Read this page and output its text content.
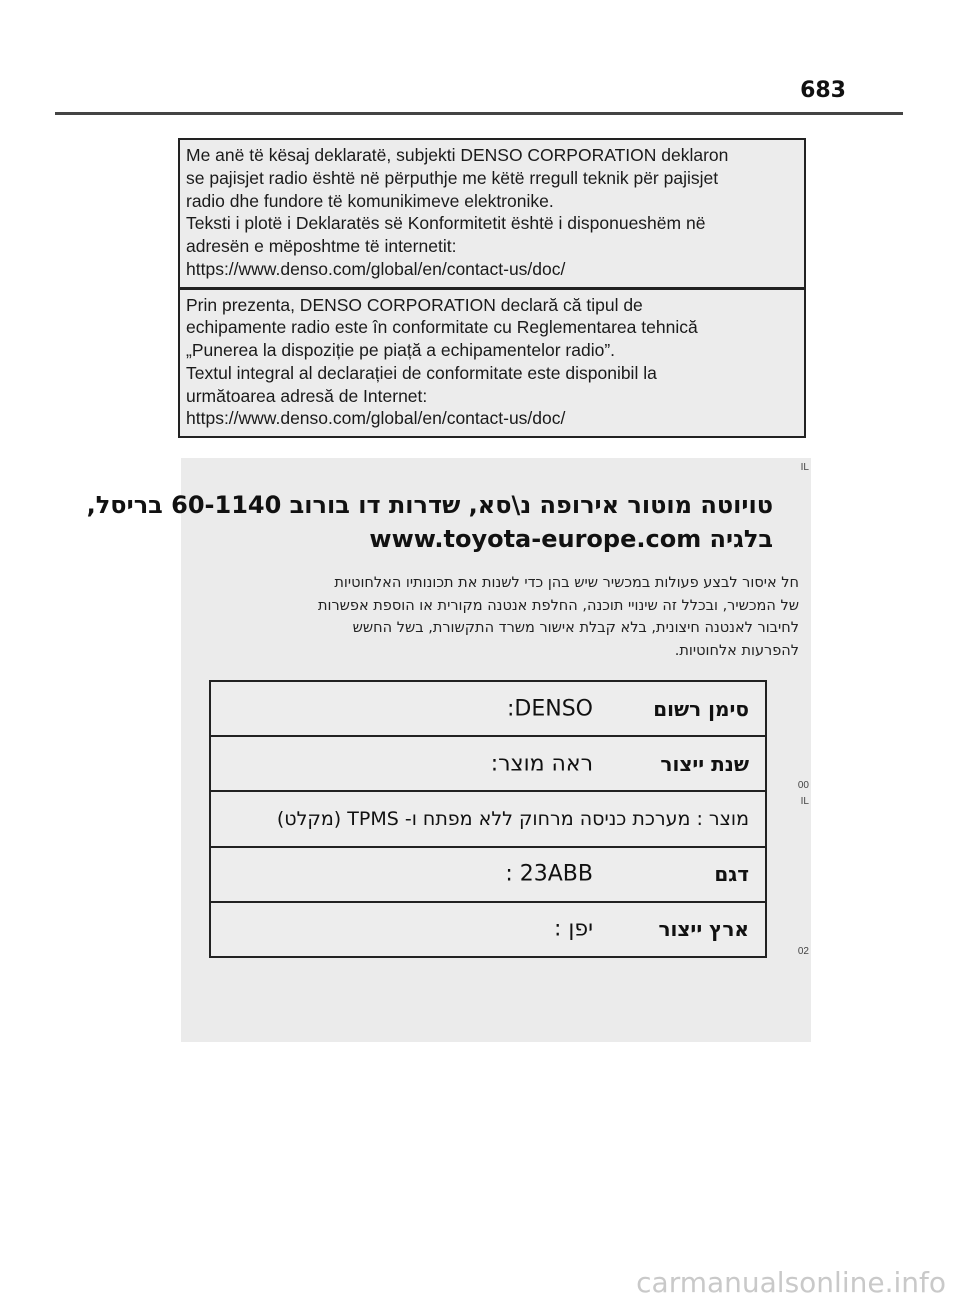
683
Me anë të kësaj deklaratë, subjekti DENSO CORPORATION deklaron
se pajisjet radio është në përputhje me këtë rregull teknik për pajisjet
radio dhe fundore të komunikimeve elektronike.
Teksti i plotë i Deklaratës së Konformitetit është i disponueshëm në
adresën e mëposhtme të internetit:
https://www.denso.com/global/en/contact-us/doc/
Prin prezenta, DENSO CORPORATION declară că tipul de
echipamente radio este în conformitate cu Reglementarea tehnică
„Punerea la dispoziție pe piață a echipamentelor radio”.
Textul integral al declarației de conformitate este disponibil la
următoarea adresă de Internet:
https://www.denso.com/global/en/contact-us/doc/
IL
00
IL
02
טויוטה מוטור אירופה נ\סא, שדרות דו בורוב 60-1140 בריסל,
בלגיה www.toyota-europe.com
חל איסור לבצע פעולות במכשיר שיש בהן כדי לשנות את תכונותיו האלחוטיות
של המכשיר, ובכלל זה שינויי תוכנה, החלפת אנטנה מקורית או הוספת אפשרות
לחיבור לאנטנה חיצונית, בלא קבלת אישור משרד התקשורת, בשל החשש
להפרעות אלחוטיות.
סימן רשום
DENSO:
שנת ייצור
ראה מוצר:
מוצר : מערכת כניסה מרחוק ללא מפתח ו- TPMS (מקלט)
דגם
23ABB :
ארץ ייצור
יפן :
carmanualsonline.info
